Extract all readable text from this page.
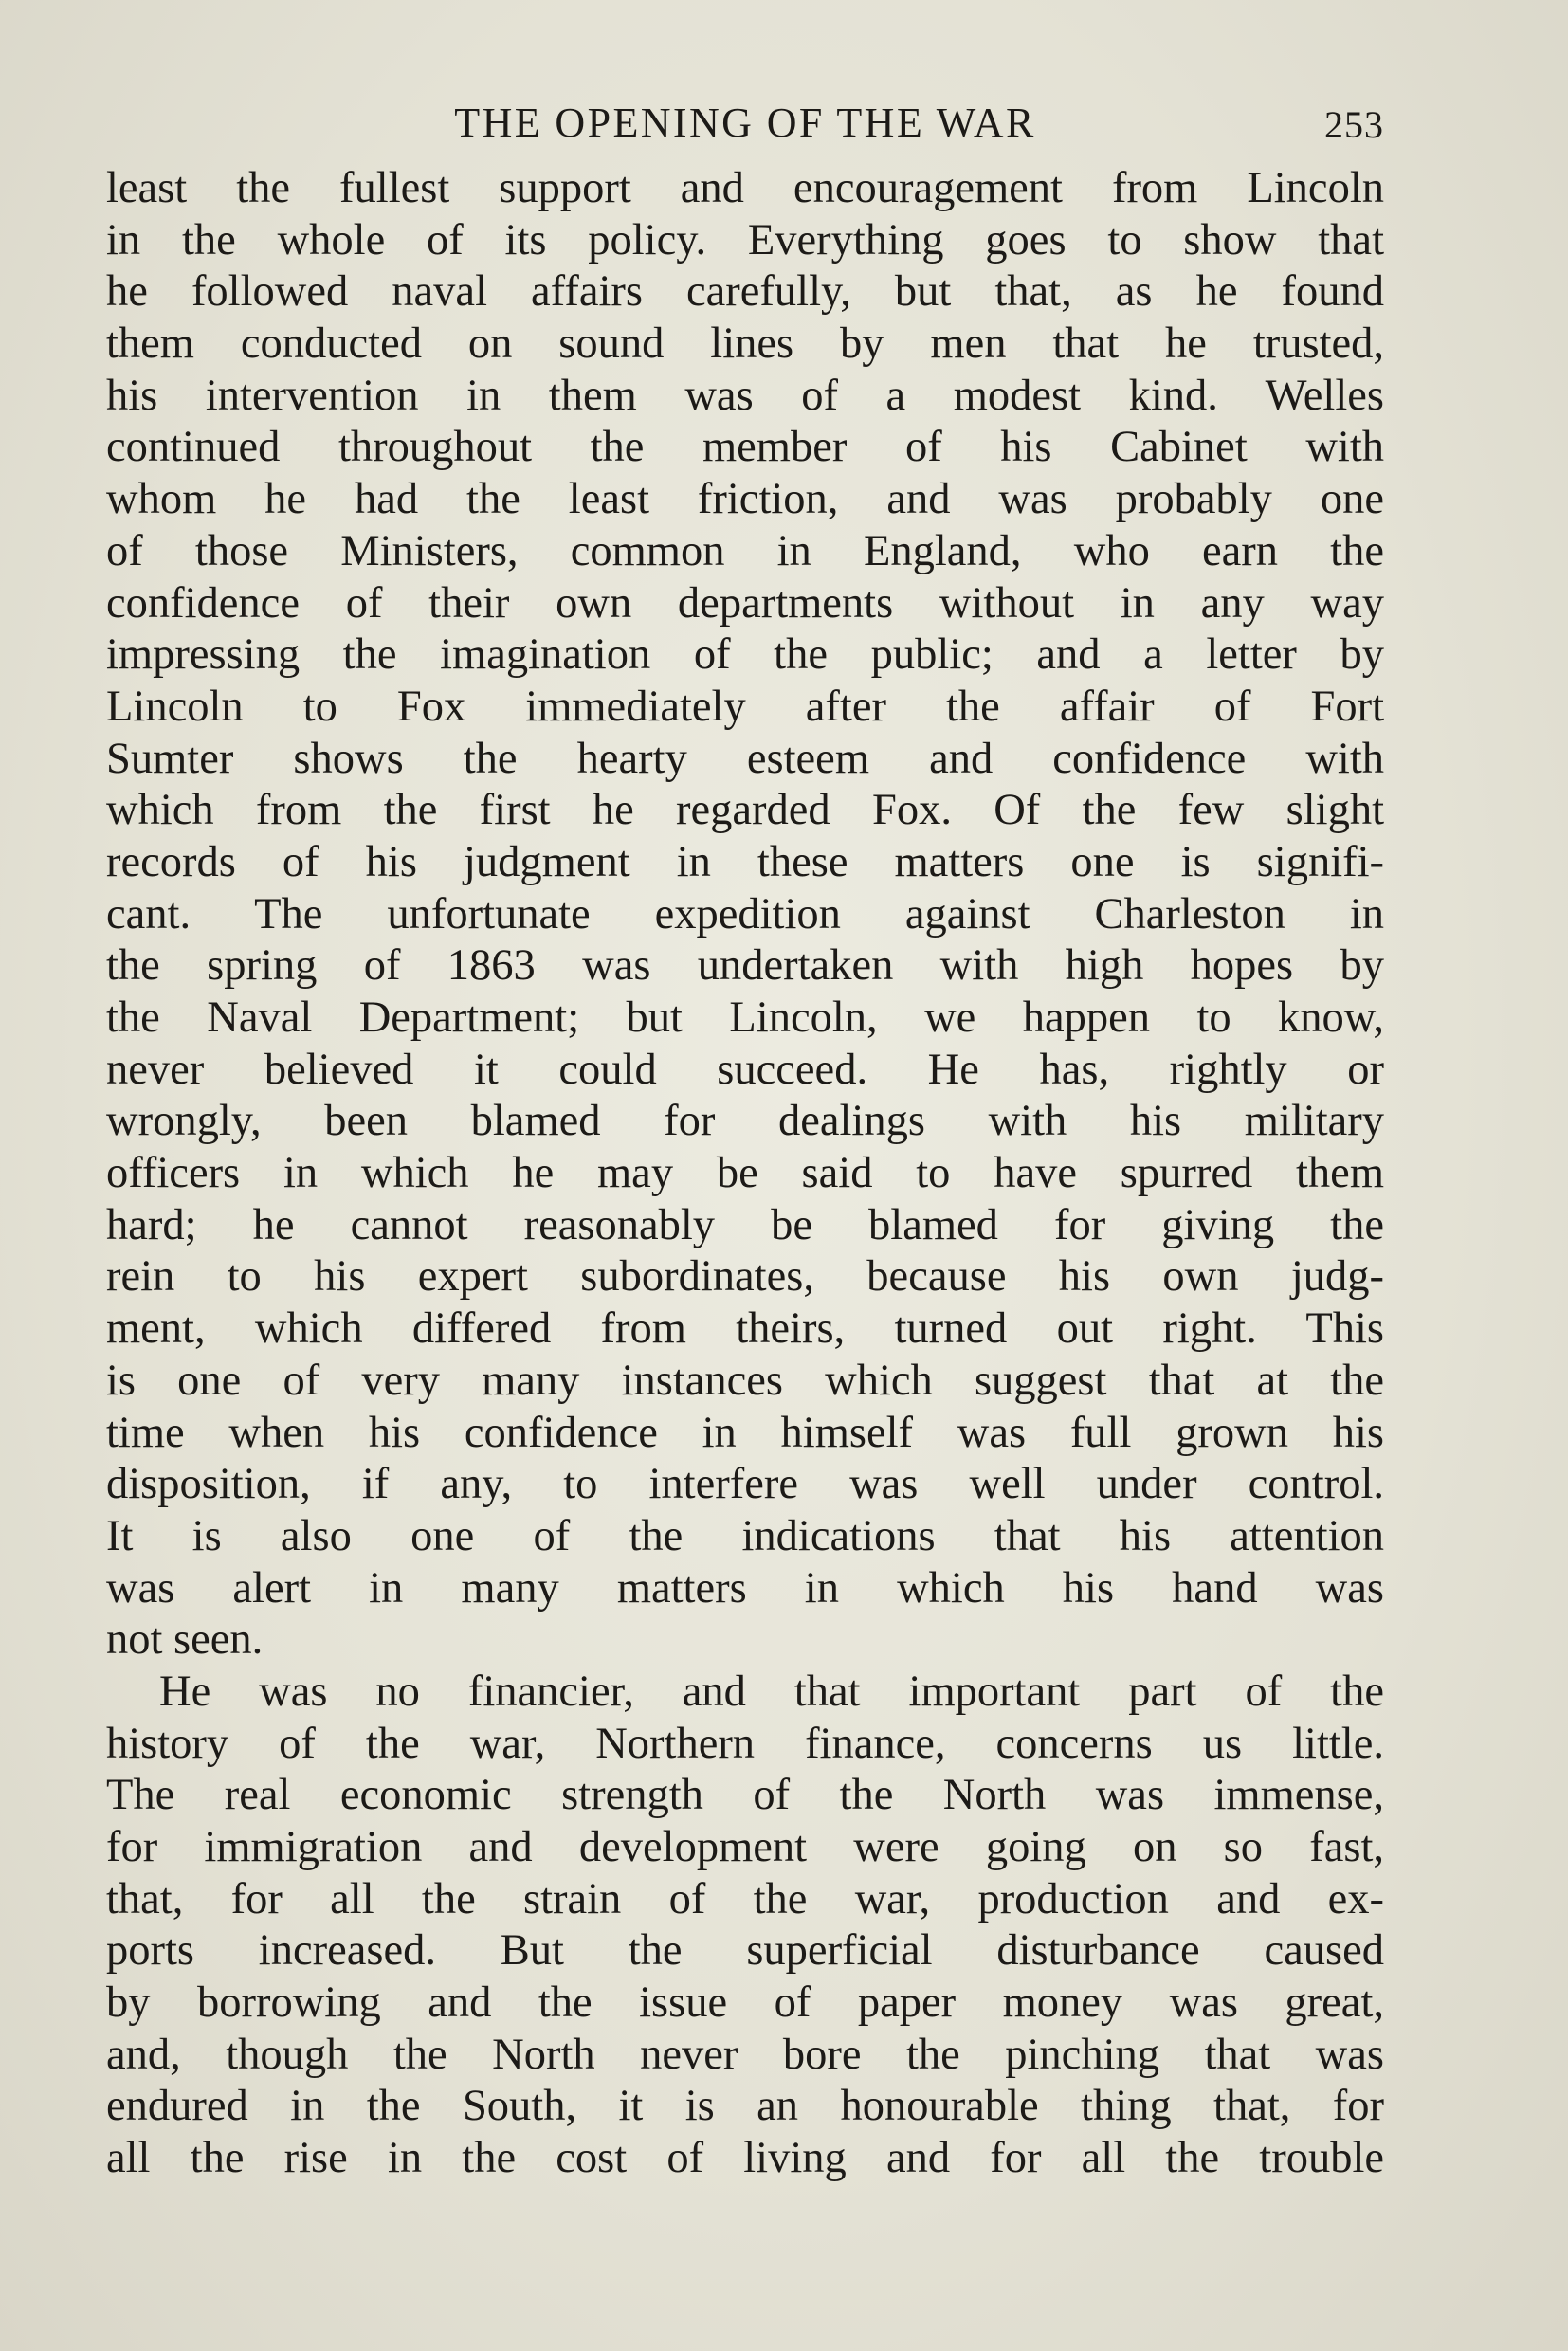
THE OPENING OF THE WAR	253
least the fullest support and encouragement from Lincoln
in the whole of its policy. Everything goes to show that
he followed naval affairs carefully, but that, as he found
them conducted on sound lines by men that he trusted,
his intervention in them was of a modest kind. Welles
continued throughout the member of his Cabinet with
whom he had the least friction, and was probably one
of those Ministers, common in England, who earn the
confidence of their own departments without in any way
impressing the imagination of the public; and a letter by
Lincoln to Fox immediately after the affair of Fort
Sumter shows the hearty esteem and confidence with
which from the first he regarded Fox. Of the few slight
records of his judgment in these matters one is signifi-
cant. The unfortunate expedition against Charleston in
the spring of 1863 was undertaken with high hopes by
the Naval Department; but Lincoln, we happen to know,
never believed it could succeed. He has, rightly or
wrongly, been blamed for dealings with his military
officers in which he may be said to have spurred them
hard; he cannot reasonably be blamed for giving the
rein to his expert subordinates, because his own judg-
ment, which differed from theirs, turned out right. This
is one of very many instances which suggest that at the
time when his confidence in himself was full grown his
disposition, if any, to interfere was well under control.
It is also one of the indications that his attention
was alert in many matters in which his hand was
not seen.
He was no financier, and that important part of the
history of the war, Northern finance, concerns us little.
The real economic strength of the North was immense,
for immigration and development were going on so fast,
that, for all the strain of the war, production and ex-
ports increased. But the superficial disturbance caused
by borrowing and the issue of paper money was great,
and, though the North never bore the pinching that was
endured in the South, it is an honourable thing that, for
all the rise in the cost of living and for all the trouble
